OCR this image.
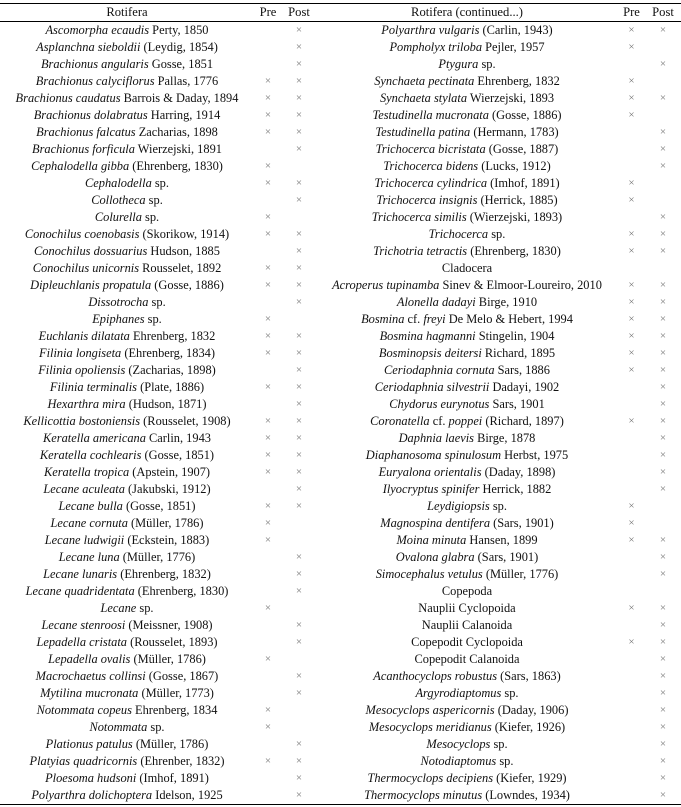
Rotifera	Pre	Post	Rotifera (continued...)	Pre	Post
Ascomorpha ecaudis Perty, 1850		×	Polyarthra vulgaris (Carlin, 1943)	×	×
Asplanchna sieboldii (Leydig, 1854)		×	Pompholyx triloba Pejler, 1957	×	
Brachionus angularis Gosse, 1851		×	Ptygura sp.		×
Brachionus calyciflorus Pallas, 1776	×	×	Synchaeta pectinata Ehrenberg, 1832	×	
Brachionus caudatus Barrois & Daday, 1894	×	×	Synchaeta stylata Wierzejski, 1893	×	×
Brachionus dolabratus Harring, 1914	×	×	Testudinella mucronata (Gosse, 1886)	×	
Brachionus falcatus Zacharias, 1898	×	×	Testudinella patina (Hermann, 1783)		×
Brachionus forficula Wierzejski, 1891		×	Trichocerca bicristata (Gosse, 1887)		×
Cephalodella gibba (Ehrenberg, 1830)	×		Trichocerca bidens (Lucks, 1912)		×
Cephalodella sp.	×	×	Trichocerca cylindrica (Imhof, 1891)	×	
Collotheca sp.		×	Trichocerca insignis (Herrick, 1885)	×	
Colurella sp.	×		Trichocerca similis (Wierzejski, 1893)		×
Conochilus coenobasis (Skorikow, 1914)	×	×	Trichocerca sp.	×	×
Conochilus dossuarius Hudson, 1885		×	Trichotria tetractis (Ehrenberg, 1830)	×	×
Conochilus unicornis Rousselet, 1892	×	×	Cladocera		
Dipleuchlanis propatula (Gosse, 1886)	×	×	Acroperus tupinamba Sinev & Elmoor-Loureiro, 2010	×	×
Dissotrocha sp.		×	Alonella dadayi Birge, 1910	×	×
Epiphanes sp.	×		Bosmina cf. freyi De Melo & Hebert, 1994	×	×
Euchlanis dilatata Ehrenberg, 1832	×	×	Bosmina hagmanni Stingelin, 1904	×	×
Filinia longiseta (Ehrenberg, 1834)	×	×	Bosminopsis deitersi Richard, 1895	×	×
Filinia opoliensis (Zacharias, 1898)		×	Ceriodaphnia cornuta Sars, 1886	×	×
Filinia terminalis (Plate, 1886)	×	×	Ceriodaphnia silvestrii Dadayi, 1902		×
Hexarthra mira (Hudson, 1871)		×	Chydorus eurynotus Sars, 1901		×
Kellicottia bostoniensis (Rousselet, 1908)	×	×	Coronatella cf. poppei (Richard, 1897)	×	×
Keratella americana Carlin, 1943	×	×	Daphnia laevis Birge, 1878		×
Keratella cochlearis (Gosse, 1851)	×	×	Diaphanosoma spinulosum Herbst, 1975		×
Keratella tropica (Apstein, 1907)	×	×	Euryalona orientalis (Daday, 1898)		×
Lecane aculeata (Jakubski, 1912)		×	Ilyocryptus spinifer Herrick, 1882		×
Lecane bulla (Gosse, 1851)	×	×	Leydigiopsis sp.	×	
Lecane cornuta (Müller, 1786)	×		Magnospina dentifera (Sars, 1901)	×	
Lecane ludwigii (Eckstein, 1883)	×		Moina minuta Hansen, 1899	×	×
Lecane luna (Müller, 1776)		×	Ovalona glabra (Sars, 1901)		×
Lecane lunaris (Ehrenberg, 1832)		×	Simocephalus vetulus (Müller, 1776)		×
Lecane quadridentata (Ehrenberg, 1830)		×	Copepoda		
Lecane sp.	×		Nauplii Cyclopoida	×	×
Lecane stenroosi (Meissner, 1908)		×	Nauplii Calanoida		×
Lepadella cristata (Rousselet, 1893)		×	Copepodit Cyclopoida	×	×
Lepadella ovalis (Müller, 1786)	×		Copepodit Calanoida		×
Macrochaetus collinsi (Gosse, 1867)		×	Acanthocyclops robustus (Sars, 1863)		×
Mytilina mucronata (Müller, 1773)		×	Argyrodiaptomus sp.		×
Notommata copeus Ehrenberg, 1834	×		Mesocyclops aspericornis (Daday, 1906)		×
Notommata sp.	×		Mesocyclops meridianus (Kiefer, 1926)		×
Plationus patulus (Müller, 1786)		×	Mesocyclops sp.		×
Platyias quadricornis (Ehrenber, 1832)	×	×	Notodiaptomus sp.		×
Ploesoma hudsoni (Imhof, 1891)		×	Thermocyclops decipiens (Kiefer, 1929)		×
Polyarthra dolichoptera Idelson, 1925		×	Thermocyclops minutus (Lowndes, 1934)		×
